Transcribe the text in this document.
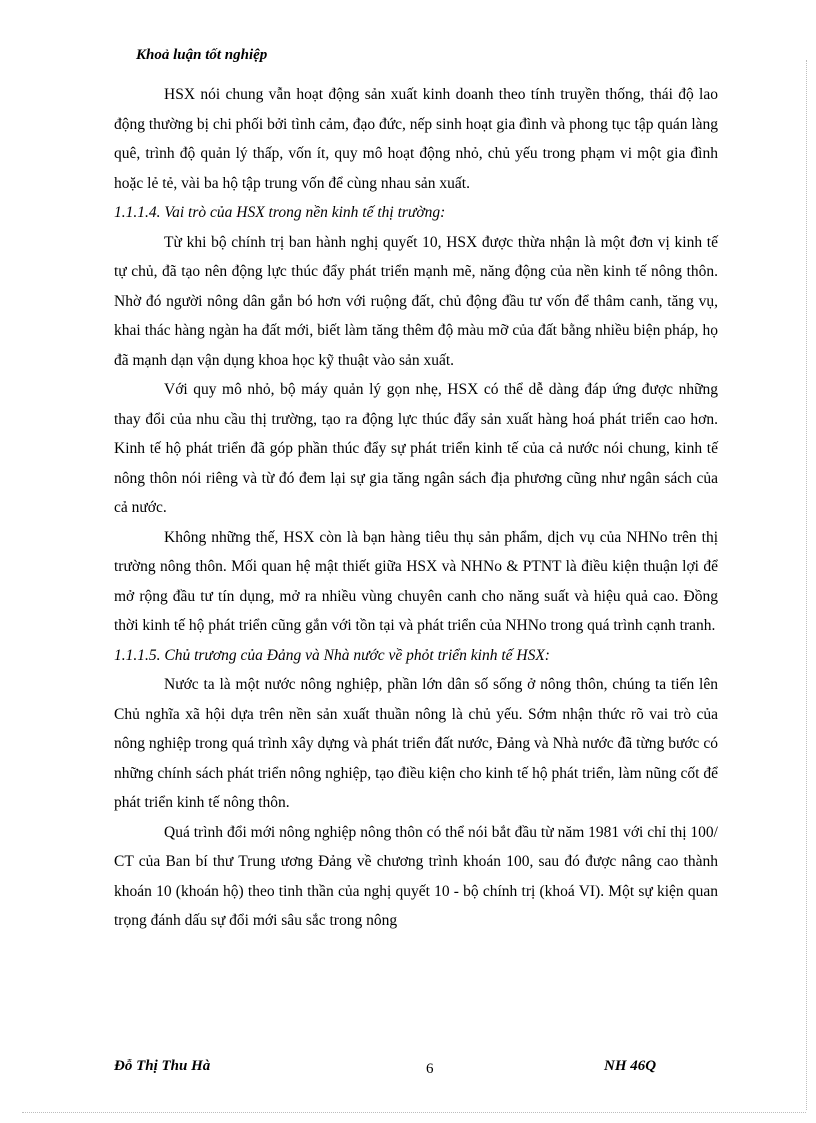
Khoả luận tốt nghiệp

HSX nói chung vẫn hoạt động sản xuất kinh doanh theo tính truyền thống, thái độ lao động thường bị chi phối bởi tình cảm, đạo đức, nếp sinh hoạt gia đình và phong tục tập quán làng quê, trình độ quản lý thấp, vốn ít, quy mô hoạt động nhỏ, chủ yếu trong phạm vi một gia đình hoặc lẻ tẻ, vài ba hộ tập trung vốn để cùng nhau sản xuất.

1.1.1.4. Vai trò của HSX trong nền kinh tế thị trường:

Từ khi bộ chính trị ban hành nghị quyết 10, HSX được thừa nhận là một đơn vị kinh tế tự chủ, đã tạo nên động lực thúc đẩy phát triển mạnh mẽ, năng động của nền kinh tế nông thôn. Nhờ đó người nông dân gắn bó hơn với ruộng đất, chủ động đầu tư vốn để thâm canh, tăng vụ, khai thác hàng ngàn ha đất mới, biết làm tăng thêm độ màu mỡ của đất bằng nhiều biện pháp, họ đã mạnh dạn vận dụng khoa học kỹ thuật vào sản xuất.

Với quy mô nhỏ, bộ máy quản lý gọn nhẹ, HSX có thể dễ dàng đáp ứng được những thay đổi của nhu cầu thị trường, tạo ra động lực thúc đẩy sản xuất hàng hoá phát triển cao hơn. Kinh tế hộ phát triển đã góp phần thúc đẩy sự phát triển kinh tế của cả nước nói chung, kinh tế nông thôn nói riêng và từ đó đem lại sự gia tăng ngân sách địa phương cũng như ngân sách của cả nước.

Không những thế, HSX còn là bạn hàng tiêu thụ sản phẩm, dịch vụ của NHNo trên thị trường nông thôn. Mối quan hệ mật thiết giữa HSX và NHNo & PTNT là điều kiện thuận lợi để mở rộng đầu tư tín dụng, mở ra nhiều vùng chuyên canh cho năng suất và hiệu quả cao. Đồng thời kinh tế hộ phát triển cũng gắn với tồn tại và phát triển của NHNo trong quá trình cạnh tranh.

1.1.1.5. Chủ trương của Đảng và Nhà nước về phỏt triển kinh tế HSX:

Nước ta là một nước nông nghiệp, phần lớn dân số sống ở nông thôn, chúng ta tiến lên Chủ nghĩa xã hội dựa trên nền sản xuất thuần nông là chủ yếu. Sớm nhận thức rõ vai trò của nông nghiệp trong quá trình xây dựng và phát triển đất nước, Đảng và Nhà nước đã từng bước có những chính sách phát triển nông nghiệp, tạo điều kiện cho kinh tế hộ phát triển, làm nũng cốt để phát triển kinh tế nông thôn.

Quá trình đổi mới nông nghiệp nông thôn có thể nói bắt đầu từ năm 1981 với chỉ thị 100/ CT của Ban bí thư Trung ương Đảng về chương trình khoán 100, sau đó được nâng cao thành khoán 10 (khoán hộ) theo tinh thần của nghị quyết 10 - bộ chính trị (khoá VI). Một sự kiện quan trọng đánh dấu sự đổi mới sâu sắc trong nông

Đỗ Thị Thu Hà	6	NH 46Q
